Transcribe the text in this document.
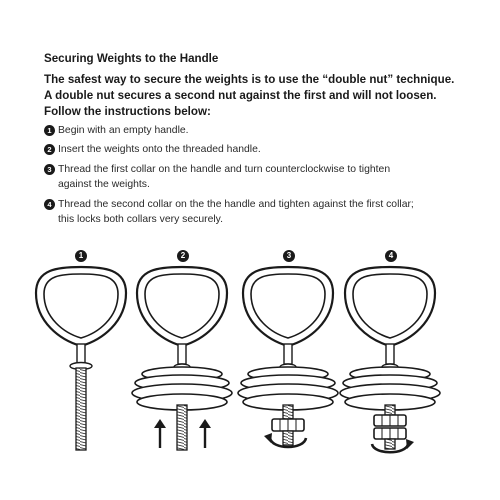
Securing Weights to the Handle
The safest way to secure the weights is to use the “double nut” technique.
A double nut secures a second nut against the first and will not loosen.
Follow the instructions below:
1 Begin with an empty handle.
2 Insert the weights onto the threaded handle.
3 Thread the first collar on the handle and turn counterclockwise to tighten
against the weights.
4 Thread the second collar on the the handle and tighten against the first collar;
this locks both collars very securely.
1	2	3	4
